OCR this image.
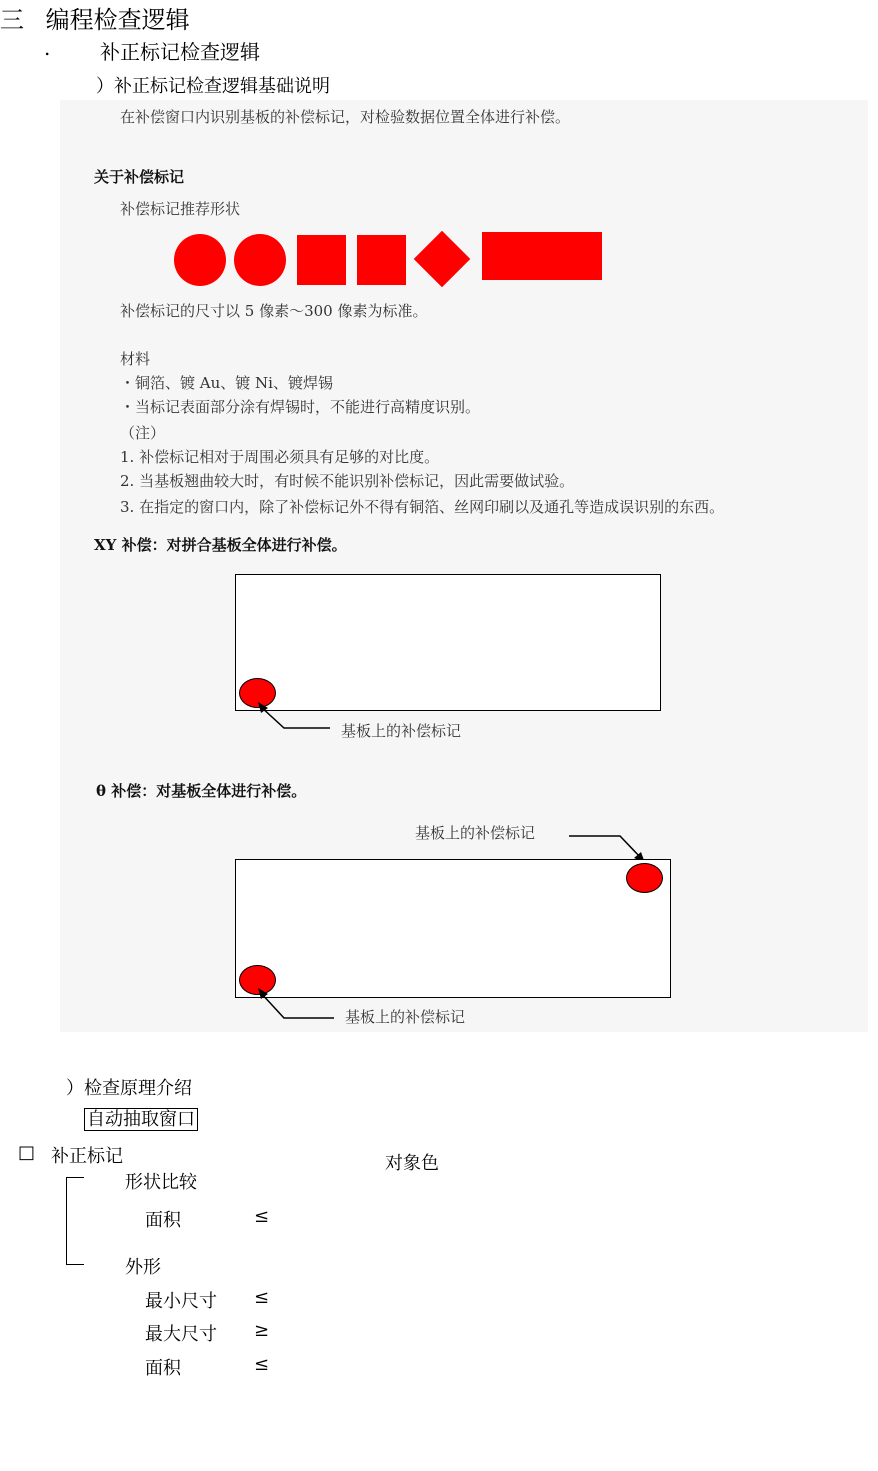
三 编程检查逻辑
. 补正标记检查逻辑
）补正标记检查逻辑基础说明
在补偿窗口内识别基板的补偿标记，对检验数据位置全体进行补偿。
关于补偿标记
补偿标记推荐形状
补偿标记的尺寸以 5 像素～300 像素为标准。
材料
・铜箔、镀 Au、镀 Ni、镀焊锡
・当标记表面部分涂有焊锡时，不能进行高精度识别。
（注）
1. 补偿标记相对于周围必须具有足够的对比度。
2. 当基板翘曲较大时，有时候不能识别补偿标记，因此需要做试验。
3. 在指定的窗口内，除了补偿标记外不得有铜箔、丝网印刷以及通孔等造成误识别的东西。
XY 补偿：对拼合基板全体进行补偿。
基板上的补偿标记
θ 补偿：对基板全体进行补偿。
基板上的补偿标记
基板上的补偿标记
）检查原理介绍
自动抽取窗口
□ 补正标记	对象色
形状比较
面积	≤
外形
最小尺寸 ≤
最大尺寸 ≥
面积	≤
